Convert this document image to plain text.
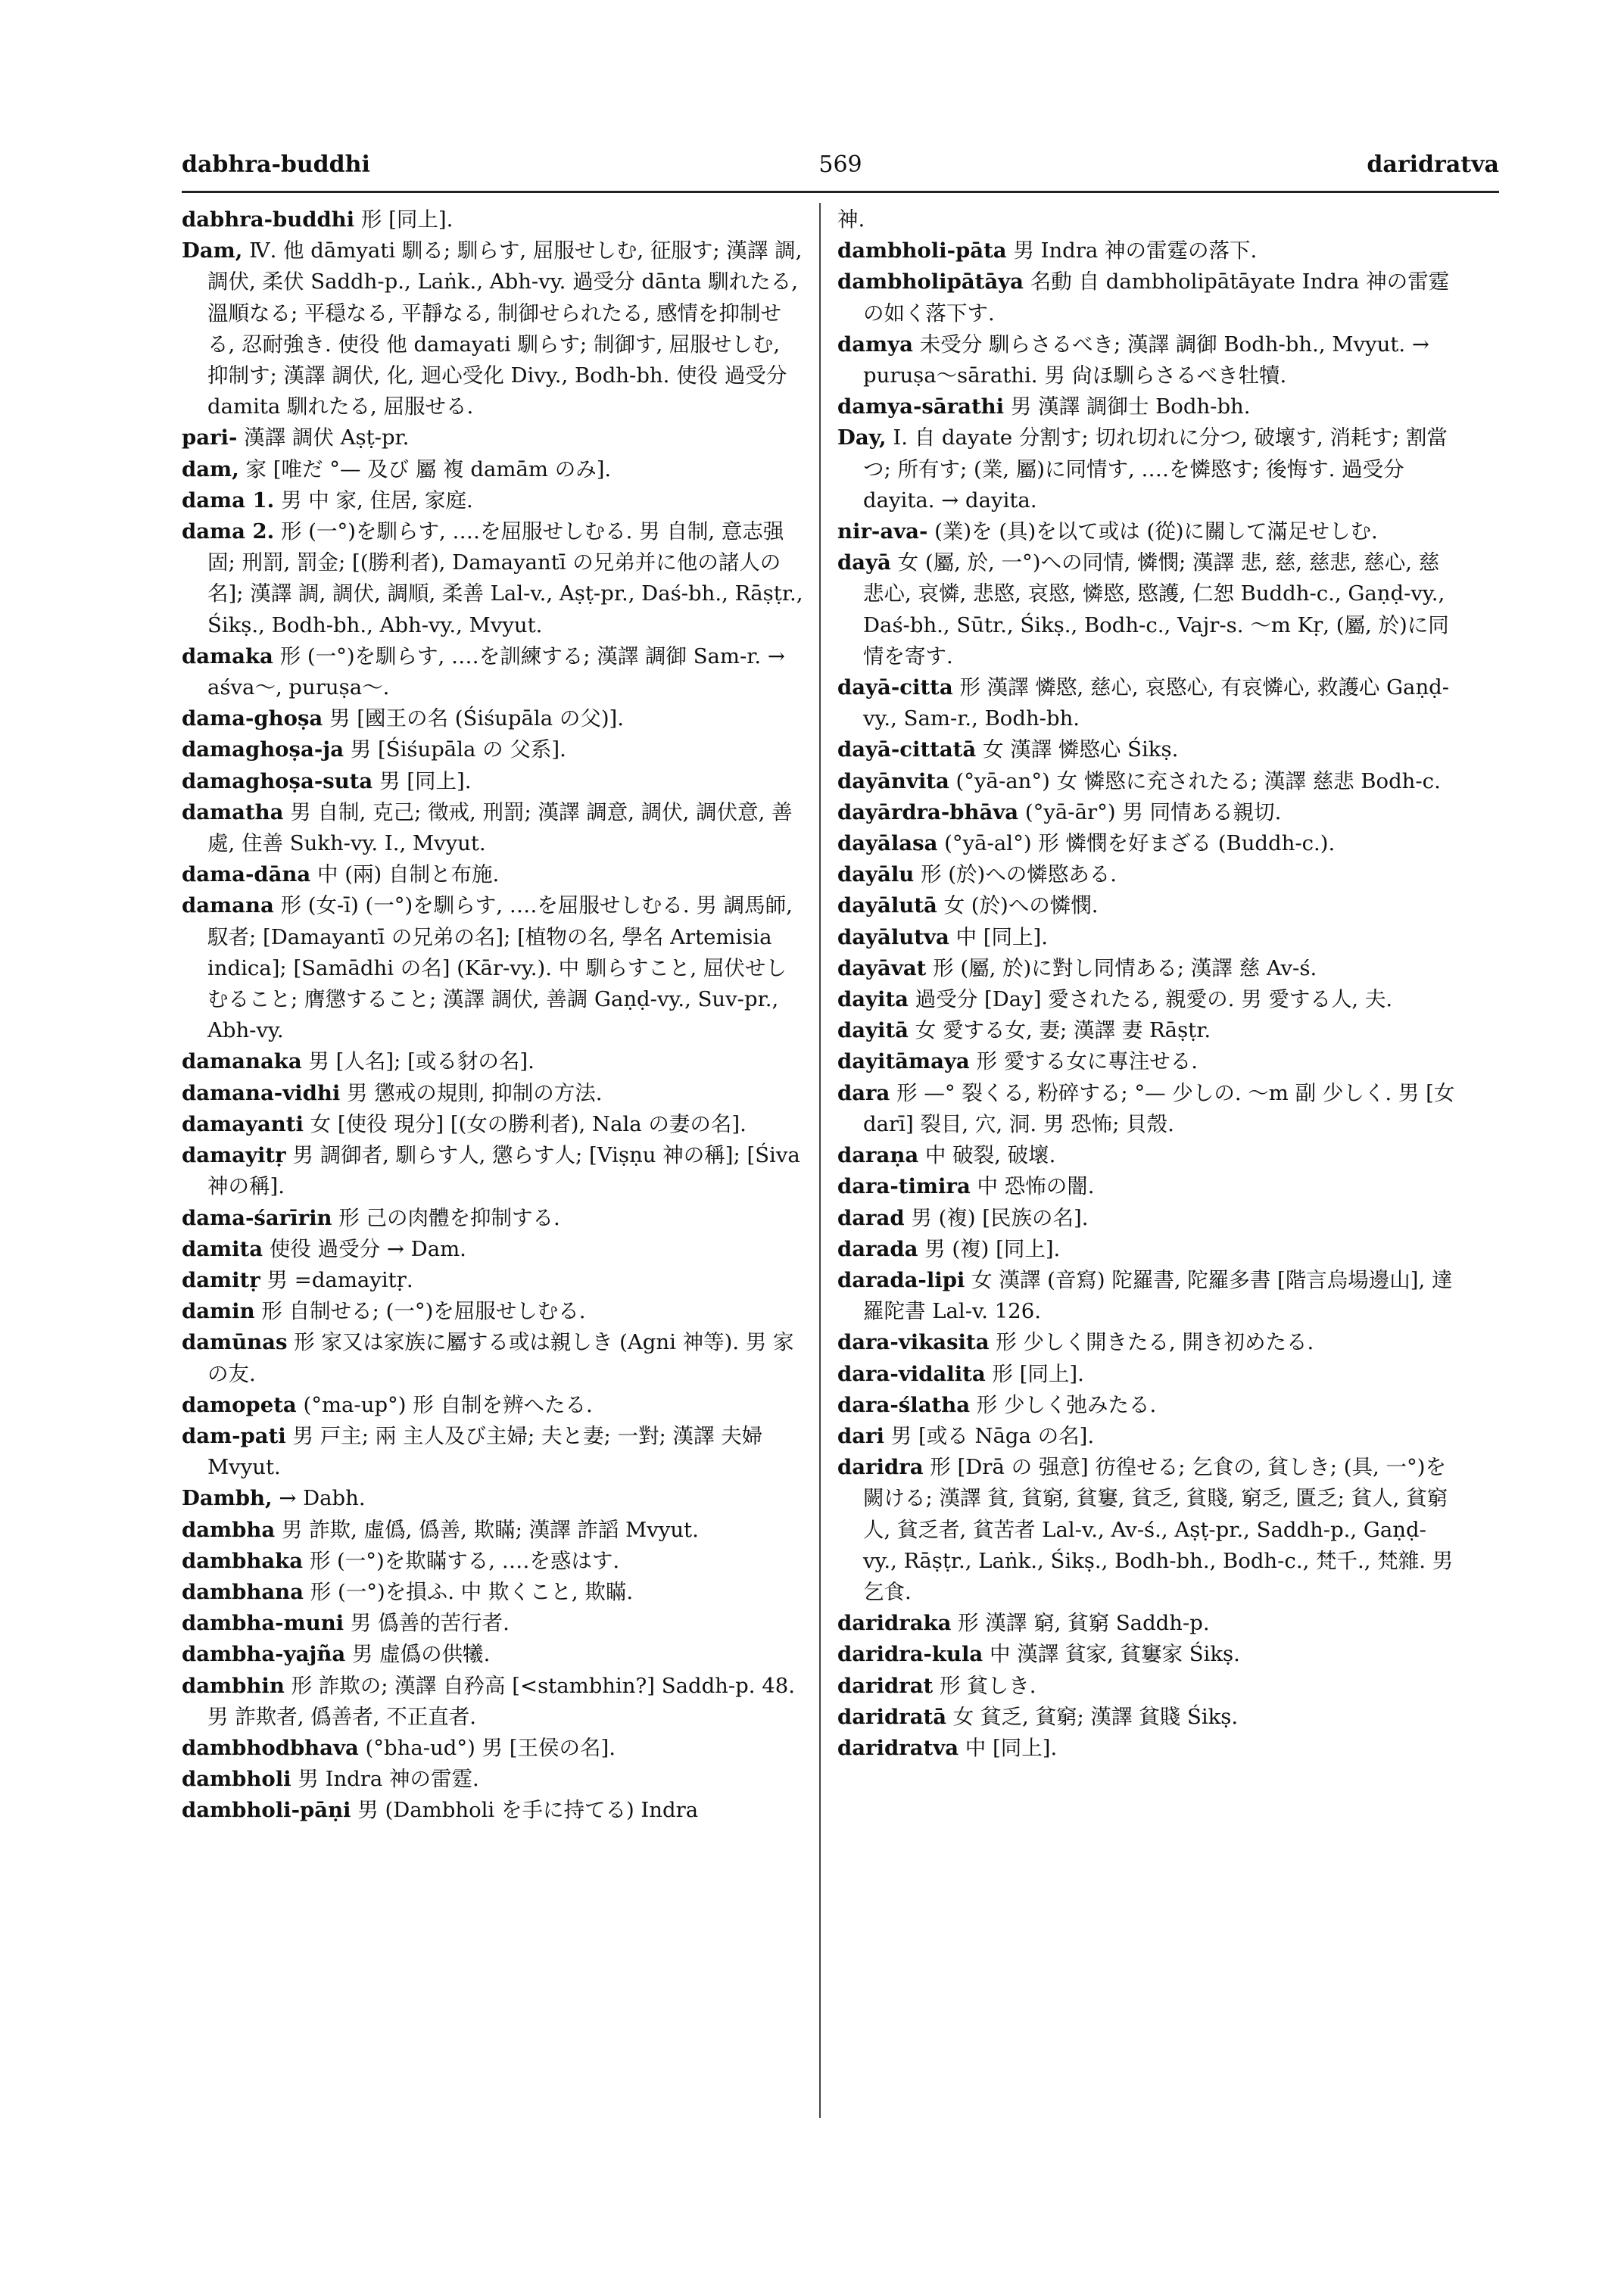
dabhra-buddhi	569	daridratva

dabhra-buddhi 形 [同上].

Dam, Ⅳ. 他 dāmyati 馴る; 馴らす, 屈服せしむ, 征服す; 漢譯 調, 調伏, 柔伏 Saddh-p., Laṅk., Abh-vy. 過受分 dānta 馴れたる, 溫順なる; 平穏なる, 平靜なる, 制御せられたる, 感情を抑制せる, 忍耐強き. 使役 他 damayati 馴らす; 制御す, 屈服せしむ, 抑制す; 漢譯 調伏, 化, 迴心受化 Divy., Bodh-bh. 使役 過受分 damita 馴れたる, 屈服せる.

pari- 漢譯 調伏 Aṣṭ-pr.

dam, 家 [唯だ °— 及び 屬 複 damām のみ].

dama 1. 男 中 家, 住居, 家庭.

dama 2. 形 (一°)を馴らす, ‥‥を屈服せしむる. 男 自制, 意志强固; 刑罰, 罰金; [(勝利者), Damayantī の兄弟并に他の諸人の名]; 漢譯 調, 調伏, 調順, 柔善 Lal-v., Aṣṭ-pr., Daś-bh., Rāṣṭr., Śikṣ., Bodh-bh., Abh-vy., Mvyut.

damaka 形 (一°)を馴らす, ‥‥を訓練する; 漢譯 調御 Sam-r. → aśva〜, puruṣa〜.

dama-ghoṣa 男 [國王の名 (Śiśupāla の父)].

damaghoṣa-ja 男 [Śiśupāla の 父系].

damaghoṣa-suta 男 [同上].

damatha 男 自制, 克己; 徵戒, 刑罰; 漢譯 調意, 調伏, 調伏意, 善處, 住善 Sukh-vy. I., Mvyut.

dama-dāna 中 (兩) 自制と布施.

damana 形 (女-ī) (一°)を馴らす, ‥‥を屈服せしむる. 男 調馬師, 馭者; [Damayantī の兄弟の名]; [植物の名, 學名 Artemisia indica]; [Samādhi の名] (Kār-vy.). 中 馴らすこと, 屈伏せしむること; 膺懲すること; 漢譯 調伏, 善調 Gaṇḍ-vy., Suv-pr., Abh-vy.

damanaka 男 [人名]; [或る豺の名].

damana-vidhi 男 懲戒の規則, 抑制の方法.

damayanti 女 [使役 現分] [(女の勝利者), Nala の妻の名].

damayitṛ 男 調御者, 馴らす人, 懲らす人; [Viṣṇu 神の稱]; [Śiva 神の稱].

dama-śarīrin 形 己の肉體を抑制する.

damita 使役 過受分 → Dam.

damitṛ 男 =damayitṛ.

damin 形 自制せる; (一°)を屈服せしむる.

damūnas 形 家又は家族に屬する或は親しき (Agni 神等). 男 家の友.

damopeta (°ma-up°) 形 自制を辨へたる.

dam-pati 男 戸主; 兩 主人及び主婦; 夫と妻; 一對; 漢譯 夫婦 Mvyut.

Dambh, → Dabh.

dambha 男 詐欺, 虛僞, 僞善, 欺瞞; 漢譯 詐謟 Mvyut.

dambhaka 形 (一°)を欺瞞する, ‥‥を惑はす.

dambhana 形 (一°)を損ふ. 中 欺くこと, 欺瞞.

dambha-muni 男 僞善的苦行者.

dambha-yajña 男 虛僞の供犧.

dambhin 形 詐欺の; 漢譯 自矜高 [<stambhin?] Saddh-p. 48. 男 詐欺者, 僞善者, 不正直者.

dambhodbhava (°bha-ud°) 男 [王侯の名].

dambholi 男 Indra 神の雷霆.

dambholi-pāṇi 男 (Dambholi を手に持てる) Indra

神.

dambholi-pāta 男 Indra 神の雷霆の落下.

dambholipātāya 名動 自 dambholipātāyate Indra 神の雷霆の如く落下す.

damya 未受分 馴らさるべき; 漢譯 調御 Bodh-bh., Mvyut. → puruṣa〜sārathi. 男 尙ほ馴らさるべき牡犢.

damya-sārathi 男 漢譯 調御士 Bodh-bh.

Day, Ⅰ. 自 dayate 分割す; 切れ切れに分つ, 破壞す, 消耗す; 割當つ; 所有す; (業, 屬)に同情す, ‥‥を憐愍す; 後悔す. 過受分 dayita. → dayita.

nir-ava- (業)を (具)を以て或は (從)に關して滿足せしむ.

dayā 女 (屬, 於, 一°)への同情, 憐憫; 漢譯 悲, 慈, 慈悲, 慈心, 慈悲心, 哀憐, 悲愍, 哀愍, 憐愍, 愍護, 仁恕 Buddh-c., Gaṇḍ-vy., Daś-bh., Sūtr., Śikṣ., Bodh-c., Vajr-s. 〜m Kṛ, (屬, 於)に同情を寄す.

dayā-citta 形 漢譯 憐愍, 慈心, 哀愍心, 有哀憐心, 救護心 Gaṇḍ-vy., Sam-r., Bodh-bh.

dayā-cittatā 女 漢譯 憐愍心 Śikṣ.

dayānvita (°yā-an°) 女 憐愍に充されたる; 漢譯 慈悲 Bodh-c.

dayārdra-bhāva (°yā-ār°) 男 同情ある親切.

dayālasa (°yā-al°) 形 憐憫を好まざる (Buddh-c.).

dayālu 形 (於)への憐愍ある.

dayālutā 女 (於)への憐憫.

dayālutva 中 [同上].

dayāvat 形 (屬, 於)に對し同情ある; 漢譯 慈 Av-ś.

dayita 過受分 [Day] 愛されたる, 親愛の. 男 愛する人, 夫.

dayitā 女 愛する女, 妻; 漢譯 妻 Rāṣṭr.

dayitāmaya 形 愛する女に專注せる.

dara 形 —° 裂くる, 粉碎する; °— 少しの. 〜m 副 少しく. 男 [女 darī] 裂目, 穴, 洞. 男 恐怖; 貝殼.

daraṇa 中 破裂, 破壞.

dara-timira 中 恐怖の闇.

darad 男 (複) [民族の名].

darada 男 (複) [同上].

darada-lipi 女 漢譯 (音寫) 陀羅書, 陀羅多書 [階言烏場邊山], 達羅陀書 Lal-v. 126.

dara-vikasita 形 少しく開きたる, 開き初めたる.

dara-vidalita 形 [同上].

dara-ślatha 形 少しく弛みたる.

dari 男 [或る Nāga の名].

daridra 形 [Drā の 强意] 彷徨せる; 乞食の, 貧しき; (具, 一°)を闕ける; 漢譯 貧, 貧窮, 貧窶, 貧乏, 貧賤, 窮乏, 匱乏; 貧人, 貧窮人, 貧乏者, 貧苦者 Lal-v., Av-ś., Aṣṭ-pr., Saddh-p., Gaṇḍ-vy., Rāṣṭr., Laṅk., Śikṣ., Bodh-bh., Bodh-c., 梵千., 梵雜. 男 乞食.

daridraka 形 漢譯 窮, 貧窮 Saddh-p.

daridra-kula 中 漢譯 貧家, 貧窶家 Śikṣ.

daridrat 形 貧しき.

daridratā 女 貧乏, 貧窮; 漢譯 貧賤 Śikṣ.

daridratva 中 [同上].
